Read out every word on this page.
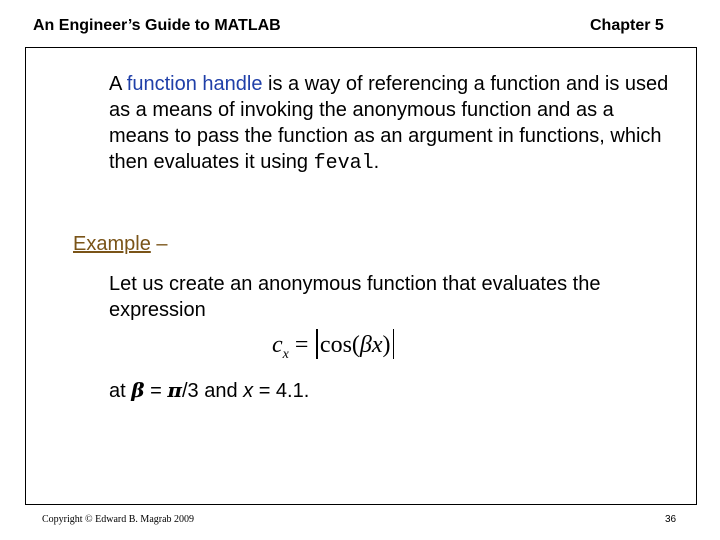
An Engineer’s Guide to MATLAB	Chapter 5
A function handle is a way of referencing a function and is used as a means of invoking the anonymous function and as a means to pass the function as an argument in functions, which then evaluates it using feval.
Example –
Let us create an anonymous function that evaluates the expression
$c_x = \cos(\beta x)$
at β = π/3 and x = 4.1.
Copyright © Edward B. Magrab 2009	36
